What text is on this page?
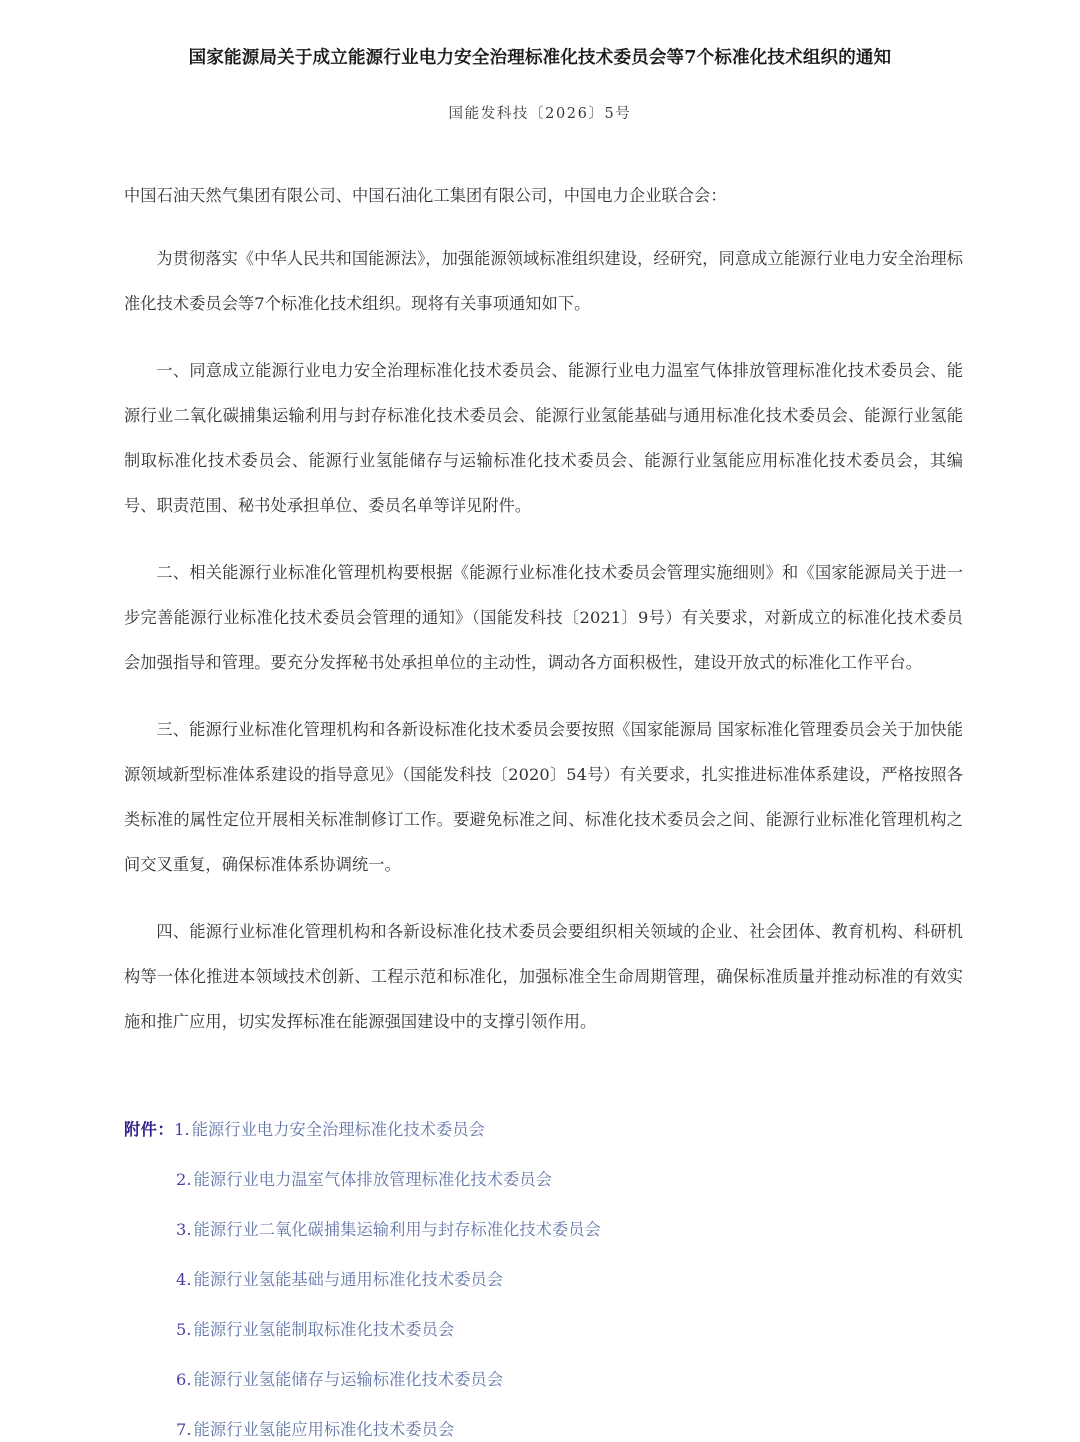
国家能源局关于成立能源行业电力安全治理标准化技术委员会等7个标准化技术组织的通知
国能发科技〔2026〕5号

中国石油天然气集团有限公司、中国石油化工集团有限公司，中国电力企业联合会：

为贯彻落实《中华人民共和国能源法》，加强能源领域标准组织建设，经研究，同意成立能源行业电力安全治理标准化技术委员会等7个标准化技术组织。现将有关事项通知如下。

一、同意成立能源行业电力安全治理标准化技术委员会、能源行业电力温室气体排放管理标准化技术委员会、能源行业二氧化碳捕集运输利用与封存标准化技术委员会、能源行业氢能基础与通用标准化技术委员会、能源行业氢能制取标准化技术委员会、能源行业氢能储存与运输标准化技术委员会、能源行业氢能应用标准化技术委员会，其编号、职责范围、秘书处承担单位、委员名单等详见附件。

二、相关能源行业标准化管理机构要根据《能源行业标准化技术委员会管理实施细则》和《国家能源局关于进一步完善能源行业标准化技术委员会管理的通知》（国能发科技〔2021〕9号）有关要求，对新成立的标准化技术委员会加强指导和管理。要充分发挥秘书处承担单位的主动性，调动各方面积极性，建设开放式的标准化工作平台。

三、能源行业标准化管理机构和各新设标准化技术委员会要按照《国家能源局 国家标准化管理委员会关于加快能源领域新型标准体系建设的指导意见》（国能发科技〔2020〕54号）有关要求，扎实推进标准体系建设，严格按照各类标准的属性定位开展相关标准制修订工作。要避免标准之间、标准化技术委员会之间、能源行业标准化管理机构之间交叉重复，确保标准体系协调统一。

四、能源行业标准化管理机构和各新设标准化技术委员会要组织相关领域的企业、社会团体、教育机构、科研机构等一体化推进本领域技术创新、工程示范和标准化，加强标准全生命周期管理，确保标准质量并推动标准的有效实施和推广应用，切实发挥标准在能源强国建设中的支撑引领作用。

附件： 1. 能源行业电力安全治理标准化技术委员会
2. 能源行业电力温室气体排放管理标准化技术委员会
3. 能源行业二氧化碳捕集运输利用与封存标准化技术委员会
4. 能源行业氢能基础与通用标准化技术委员会
5. 能源行业氢能制取标准化技术委员会
6. 能源行业氢能储存与运输标准化技术委员会
7. 能源行业氢能应用标准化技术委员会
